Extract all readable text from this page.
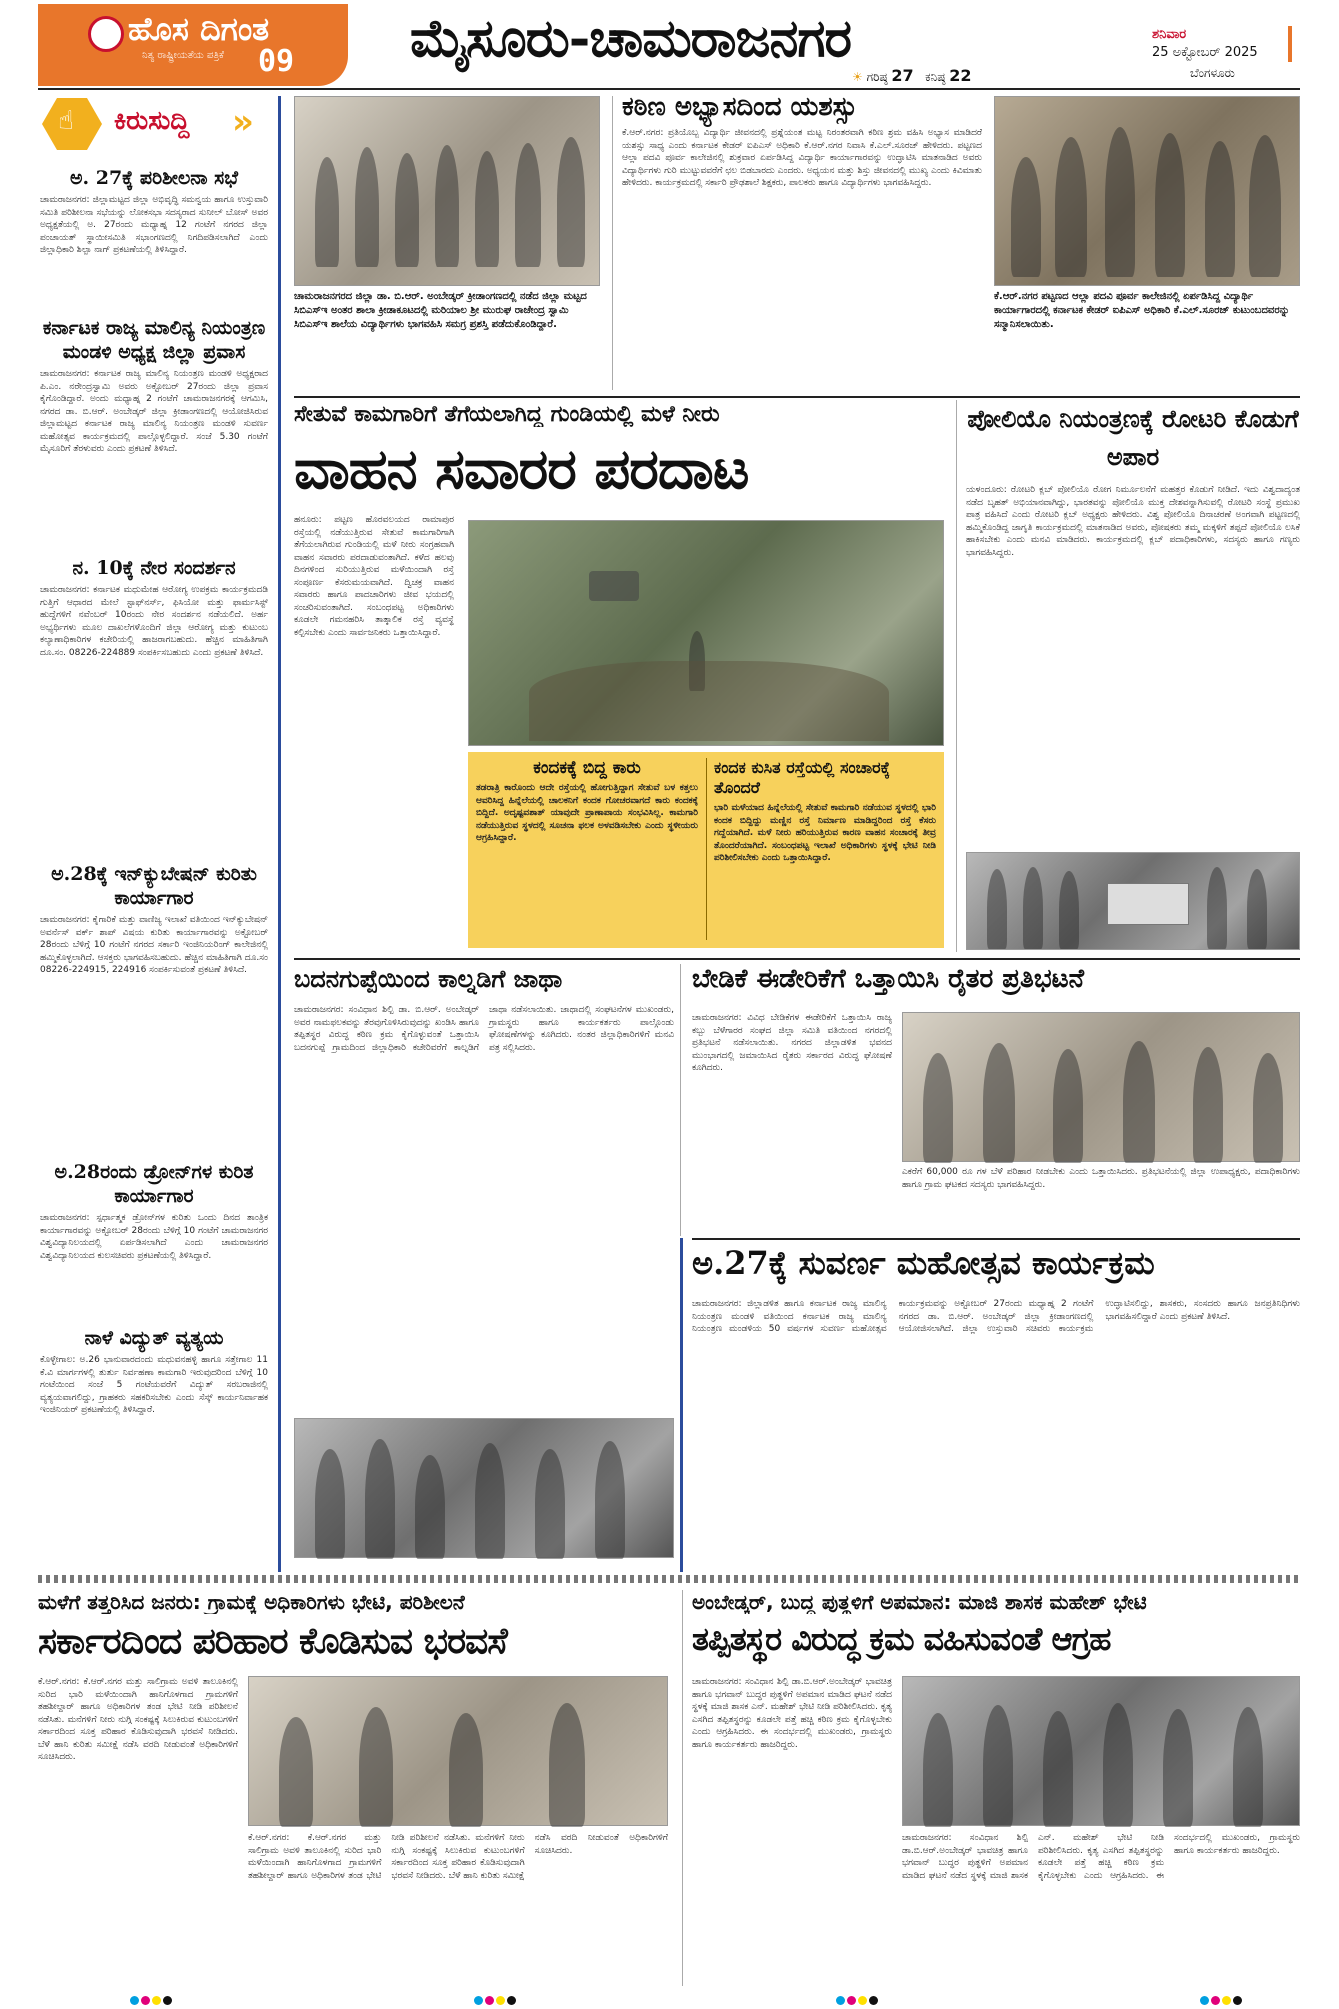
ಹೊಸ ದಿಗಂತ
ನಿತ್ಯ ರಾಷ್ಟ್ರೀಯತೆಯ ಪತ್ರಿಕೆ 09 ಮೈಸೂರು-ಚಾಮರಾಜನಗರ	ಶನಿವಾರ
25 ಅಕ್ಟೋಬರ್ 2025
☀ ಗರಿಷ್ಠ 27 ಕನಿಷ್ಠ 22	ಬೆಂಗಳೂರು
☝ ಕಿರುಸುದ್ದಿ »
ಅ. 27ಕ್ಕೆ ಪರಿಶೀಲನಾ ಸಭೆ
ಚಾಮರಾಜನಗರ: ಜಿಲ್ಲಾಮಟ್ಟದ ಜಿಲ್ಲಾ ಅಭಿವೃದ್ಧಿ ಸಮನ್ವಯ ಹಾಗೂ ಉಸ್ತುವಾರಿ ಸಮಿತಿ ಪರಿಶೀಲನಾ ಸಭೆಯನ್ನು ಲೋಕಸಭಾ ಸದಸ್ಯರಾದ ಸುನೀಲ್ ಬೋಸ್ ಅವರ ಅಧ್ಯಕ್ಷತೆಯಲ್ಲಿ ಅ. 27ರಂದು ಮಧ್ಯಾಹ್ನ 12 ಗಂಟೆಗೆ ನಗರದ ಜಿಲ್ಲಾ ಪಂಚಾಯತ್ ಸ್ಥಾಯೀಸಮಿತಿ ಸಭಾಂಗಣದಲ್ಲಿ ನಿಗದಿಪಡಿಸಲಾಗಿದೆ ಎಂದು ಜಿಲ್ಲಾಧಿಕಾರಿ ಶಿಲ್ಪಾ ನಾಗ್ ಪ್ರಕಟಣೆಯಲ್ಲಿ ತಿಳಿಸಿದ್ದಾರೆ.
ಕರ್ನಾಟಕ ರಾಜ್ಯ ಮಾಲಿನ್ಯ ನಿಯಂತ್ರಣ ಮಂಡಳಿ ಅಧ್ಯಕ್ಷ ಜಿಲ್ಲಾ ಪ್ರವಾಸ
ಚಾಮರಾಜನಗರ: ಕರ್ನಾಟಕ ರಾಜ್ಯ ಮಾಲಿನ್ಯ ನಿಯಂತ್ರಣ ಮಂಡಳಿ ಅಧ್ಯಕ್ಷರಾದ ಪಿ.ಎಂ. ನರೇಂದ್ರಸ್ವಾಮಿ ಅವರು ಅಕ್ಟೋಬರ್ 27ರಂದು ಜಿಲ್ಲಾ ಪ್ರವಾಸ ಕೈಗೊಂಡಿದ್ದಾರೆ. ಅಂದು ಮಧ್ಯಾಹ್ನ 2 ಗಂಟೆಗೆ ಚಾಮರಾಜನಗರಕ್ಕೆ ಆಗಮಿಸಿ, ನಗರದ ಡಾ. ಬಿ.ಆರ್. ಅಂಬೇಡ್ಕರ್ ಜಿಲ್ಲಾ ಕ್ರೀಡಾಂಗಣದಲ್ಲಿ ಆಯೋಜಿಸಿರುವ ಜಿಲ್ಲಾಮಟ್ಟದ ಕರ್ನಾಟಕ ರಾಜ್ಯ ಮಾಲಿನ್ಯ ನಿಯಂತ್ರಣ ಮಂಡಳಿ ಸುವರ್ಣ ಮಹೋತ್ಸವ ಕಾರ್ಯಕ್ರಮದಲ್ಲಿ ಪಾಲ್ಗೊಳ್ಳಲಿದ್ದಾರೆ. ಸಂಜೆ 5.30 ಗಂಟೆಗೆ ಮೈಸೂರಿಗೆ ತೆರಳುವರು ಎಂದು ಪ್ರಕಟಣೆ ತಿಳಿಸಿದೆ.
ನ. 10ಕ್ಕೆ ನೇರ ಸಂದರ್ಶನ
ಚಾಮರಾಜನಗರ: ಕರ್ನಾಟಕ ಮಧುಮೇಹ ಆರೋಗ್ಯ ಉಪಕ್ರಮ ಕಾರ್ಯಕ್ರಮದಡಿ ಗುತ್ತಿಗೆ ಆಧಾರದ ಮೇಲೆ ಸ್ಟಾಫ್‌ನರ್ಸ್, ಫಿಸಿಯೋ ಮತ್ತು ಫಾರ್ಮಸಿಸ್ಟ್ ಹುದ್ದೆಗಳಿಗೆ ನವೆಂಬರ್ 10ರಂದು ನೇರ ಸಂದರ್ಶನ ನಡೆಯಲಿದೆ. ಅರ್ಹ ಅಭ್ಯರ್ಥಿಗಳು ಮೂಲ ದಾಖಲೆಗಳೊಂದಿಗೆ ಜಿಲ್ಲಾ ಆರೋಗ್ಯ ಮತ್ತು ಕುಟುಂಬ ಕಲ್ಯಾಣಾಧಿಕಾರಿಗಳ ಕಚೇರಿಯಲ್ಲಿ ಹಾಜರಾಗಬಹುದು. ಹೆಚ್ಚಿನ ಮಾಹಿತಿಗಾಗಿ ದೂ.ಸಂ. 08226-224889 ಸಂಪರ್ಕಿಸಬಹುದು ಎಂದು ಪ್ರಕಟಣೆ ತಿಳಿಸಿದೆ.
ಅ.28ಕ್ಕೆ ಇನ್‌ಕ್ಯುಬೇಷನ್ ಕುರಿತು ಕಾರ್ಯಾಗಾರ
ಚಾಮರಾಜನಗರ: ಕೈಗಾರಿಕೆ ಮತ್ತು ವಾಣಿಜ್ಯ ಇಲಾಖೆ ವತಿಯಿಂದ ಇನ್‌ಕ್ಯುಬೇಷನ್ ಅವರ್ನೆಸ್ ವರ್ಕ್ ಶಾಪ್ ವಿಷಯ ಕುರಿತು ಕಾರ್ಯಾಗಾರವನ್ನು ಅಕ್ಟೋಬರ್ 28ರಂದು ಬೆಳಿಗ್ಗೆ 10 ಗಂಟೆಗೆ ನಗರದ ಸರ್ಕಾರಿ ಇಂಜಿನಿಯರಿಂಗ್ ಕಾಲೇಜಿನಲ್ಲಿ ಹಮ್ಮಿಕೊಳ್ಳಲಾಗಿದೆ. ಆಸಕ್ತರು ಭಾಗವಹಿಸಬಹುದು. ಹೆಚ್ಚಿನ ಮಾಹಿತಿಗಾಗಿ ದೂ.ಸಂ 08226-224915, 224916 ಸಂಪರ್ಕಿಸುವಂತೆ ಪ್ರಕಟಣೆ ತಿಳಿಸಿದೆ.
ಅ.28ರಂದು ಡ್ರೋನ್‌ಗಳ ಕುರಿತ ಕಾರ್ಯಾಗಾರ
ಚಾಮರಾಜನಗರ: ಸ್ಪರ್ಧಾತ್ಮಕ ಡ್ರೋನ್‌ಗಳ ಕುರಿತು ಒಂದು ದಿನದ ತಾಂತ್ರಿಕ ಕಾರ್ಯಾಗಾರವನ್ನು ಅಕ್ಟೋಬರ್ 28ರಂದು ಬೆಳಿಗ್ಗೆ 10 ಗಂಟೆಗೆ ಚಾಮರಾಜನಗರ ವಿಶ್ವವಿದ್ಯಾನಿಲಯದಲ್ಲಿ ಏರ್ಪಡಿಸಲಾಗಿದೆ ಎಂದು ಚಾಮರಾಜನಗರ ವಿಶ್ವವಿದ್ಯಾನಿಲಯದ ಕುಲಸಚಿವರು ಪ್ರಕಟಣೆಯಲ್ಲಿ ತಿಳಿಸಿದ್ದಾರೆ.
ನಾಳೆ ವಿದ್ಯುತ್ ವ್ಯತ್ಯಯ
ಕೊಳ್ಳೇಗಾಲ: ಅ.26 ಭಾನುವಾರದಂದು ಮಧುವನಹಳ್ಳಿ ಹಾಗೂ ಸತ್ತೇಗಾಲ 11 ಕೆ.ವಿ ಮಾರ್ಗಗಳಲ್ಲಿ ತುರ್ತು ನಿರ್ವಹಣಾ ಕಾಮಗಾರಿ ಇರುವುದರಿಂದ ಬೆಳಿಗ್ಗೆ 10 ಗಂಟೆಯಿಂದ ಸಂಜೆ 5 ಗಂಟೆಯವರೆಗೆ ವಿದ್ಯುತ್ ಸರಬರಾಜಿನಲ್ಲಿ ವ್ಯತ್ಯಯವಾಗಲಿದ್ದು, ಗ್ರಾಹಕರು ಸಹಕರಿಸಬೇಕು ಎಂದು ಸೆಸ್ಕ್ ಕಾರ್ಯನಿರ್ವಾಹಕ ಇಂಜಿನಿಯರ್ ಪ್ರಕಟಣೆಯಲ್ಲಿ ತಿಳಿಸಿದ್ದಾರೆ.
ಚಾಮರಾಜನಗರದ ಜಿಲ್ಲಾ ಡಾ. ಬಿ.ಆರ್. ಅಂಬೇಡ್ಕರ್ ಕ್ರೀಡಾಂಗಣದಲ್ಲಿ ನಡೆದ ಜಿಲ್ಲಾ ಮಟ್ಟದ ಸಿಬಿಎಸ್‌ಇ ಅಂತರ ಶಾಲಾ ಕ್ರೀಡಾಕೂಟದಲ್ಲಿ ಮರಿಯಾಲ ಶ್ರೀ ಮುರುಘ ರಾಜೇಂದ್ರ ಸ್ವಾಮಿ ಸಿಬಿಎಸ್‌ಇ ಶಾಲೆಯ ವಿದ್ಯಾರ್ಥಿಗಳು ಭಾಗವಹಿಸಿ ಸಮಗ್ರ ಪ್ರಶಸ್ತಿ ಪಡೆದುಕೊಂಡಿದ್ದಾರೆ.
ಕಠಿಣ ಅಭ್ಯಾಸದಿಂದ ಯಶಸ್ಸು
ಕೆ.ಆರ್.ನಗರ: ಪ್ರತಿಯೊಬ್ಬ ವಿದ್ಯಾರ್ಥಿ ಜೀವನದಲ್ಲಿ ಪ್ರಶ್ನೆಯಂತ ಮಟ್ಟ ನಿರಂತರವಾಗಿ ಕಠಿಣ ಶ್ರಮ ವಹಿಸಿ ಅಭ್ಯಾಸ ಮಾಡಿದರೆ ಯಶಸ್ಸು ಸಾಧ್ಯ ಎಂದು ಕರ್ನಾಟಕ ಕೇಡರ್ ಐಪಿಎಸ್ ಅಧಿಕಾರಿ ಕೆ.ಆರ್.ನಗರ ನಿವಾಸಿ ಕೆ.ಎಲ್.ಸೂರಜ್ ಹೇಳಿದರು. ಪಟ್ಟಣದ ಆಲ್ಲಾ ಪದವಿ ಪೂರ್ವ ಕಾಲೇಜಿನಲ್ಲಿ ಶುಕ್ರವಾರ ಏರ್ಪಡಿಸಿದ್ದ ವಿದ್ಯಾರ್ಥಿ ಕಾರ್ಯಾಗಾರವನ್ನು ಉದ್ಘಾಟಿಸಿ ಮಾತನಾಡಿದ ಅವರು ವಿದ್ಯಾರ್ಥಿಗಳು ಗುರಿ ಮುಟ್ಟುವವರೆಗೆ ಛಲ ಬಿಡಬಾರದು ಎಂದರು. ಅಧ್ಯಯನ ಮತ್ತು ಶಿಸ್ತು ಜೀವನದಲ್ಲಿ ಮುಖ್ಯ ಎಂದು ಕಿವಿಮಾತು ಹೇಳಿದರು. ಕಾರ್ಯಕ್ರಮದಲ್ಲಿ ಸರ್ಕಾರಿ ಪ್ರೌಢಶಾಲೆ ಶಿಕ್ಷಕರು, ಪಾಲಕರು ಹಾಗೂ ವಿದ್ಯಾರ್ಥಿಗಳು ಭಾಗವಹಿಸಿದ್ದರು.
ಕೆ.ಆರ್.ನಗರ ಪಟ್ಟಣದ ಆಲ್ಲಾ ಪದವಿ ಪೂರ್ವ ಕಾಲೇಜಿನಲ್ಲಿ ಏರ್ಪಡಿಸಿದ್ದ ವಿದ್ಯಾರ್ಥಿ ಕಾರ್ಯಾಗಾರದಲ್ಲಿ ಕರ್ನಾಟಕ ಕೇಡರ್ ಐಪಿಎಸ್ ಅಧಿಕಾರಿ ಕೆ.ಎಲ್.ಸೂರಜ್ ಕುಟುಂಬದವರನ್ನು ಸನ್ಮಾನಿಸಲಾಯಿತು.
ಸೇತುವೆ ಕಾಮಗಾರಿಗೆ ತೆಗೆಯಲಾಗಿದ್ದ ಗುಂಡಿಯಲ್ಲಿ ಮಳೆ ನೀರು
ವಾಹನ ಸವಾರರ ಪರದಾಟ
ಹನೂರು: ಪಟ್ಟಣ ಹೊರವಲಯದ ರಾಮಾಪುರ ರಸ್ತೆಯಲ್ಲಿ ನಡೆಯುತ್ತಿರುವ ಸೇತುವೆ ಕಾಮಗಾರಿಗಾಗಿ ತೆಗೆಯಲಾಗಿರುವ ಗುಂಡಿಯಲ್ಲಿ ಮಳೆ ನೀರು ಸಂಗ್ರಹವಾಗಿ ವಾಹನ ಸವಾರರು ಪರದಾಡುವಂತಾಗಿದೆ. ಕಳೆದ ಹಲವು ದಿನಗಳಿಂದ ಸುರಿಯುತ್ತಿರುವ ಮಳೆಯಿಂದಾಗಿ ರಸ್ತೆ ಸಂಪೂರ್ಣ ಕೆಸರುಮಯವಾಗಿದೆ. ದ್ವಿಚಕ್ರ ವಾಹನ ಸವಾರರು ಹಾಗೂ ಪಾದಚಾರಿಗಳು ಜೀವ ಭಯದಲ್ಲಿ ಸಂಚರಿಸುವಂತಾಗಿದೆ. ಸಂಬಂಧಪಟ್ಟ ಅಧಿಕಾರಿಗಳು ಕೂಡಲೇ ಗಮನಹರಿಸಿ ತಾತ್ಕಾಲಿಕ ರಸ್ತೆ ವ್ಯವಸ್ಥೆ ಕಲ್ಪಿಸಬೇಕು ಎಂದು ಸಾರ್ವಜನಿಕರು ಒತ್ತಾಯಿಸಿದ್ದಾರೆ.
ಕಂದಕಕ್ಕೆ ಬಿದ್ದ ಕಾರು
ತಡರಾತ್ರಿ ಕಾರೊಂದು ಆದೇ ರಸ್ತೆಯಲ್ಲಿ ಹೋಗುತ್ತಿದ್ದಾಗ ಸೇತುವೆ ಬಳ ಕತ್ತಲು ಆವರಿಸಿದ್ದ ಹಿನ್ನೆಲೆಯಲ್ಲಿ ಚಾಲಕನಿಗೆ ಕಂದಕ ಗೋಚರವಾಗದೆ ಕಾರು ಕಂದಕಕ್ಕೆ ಬಿದ್ದಿದೆ. ಅದೃಷ್ಟವಶಾತ್ ಯಾವುದೇ ಪ್ರಾಣಾಪಾಯ ಸಂಭವಿಸಿಲ್ಲ. ಕಾಮಗಾರಿ ನಡೆಯುತ್ತಿರುವ ಸ್ಥಳದಲ್ಲಿ ಸೂಚನಾ ಫಲಕ ಅಳವಡಿಸಬೇಕು ಎಂದು ಸ್ಥಳೀಯರು ಆಗ್ರಹಿಸಿದ್ದಾರೆ.
ಕಂದಕ ಕುಸಿತ ರಸ್ತೆಯಲ್ಲಿ ಸಂಚಾರಕ್ಕೆ ತೊಂದರೆ
ಭಾರಿ ಮಳೆಯಾದ ಹಿನ್ನೆಲೆಯಲ್ಲಿ ಸೇತುವೆ ಕಾಮಗಾರಿ ನಡೆಯುವ ಸ್ಥಳದಲ್ಲಿ ಭಾರಿ ಕಂದಕ ಬಿದ್ದಿದ್ದು ಮಣ್ಣಿನ ರಸ್ತೆ ನಿರ್ಮಾಣ ಮಾಡಿದ್ದರಿಂದ ರಸ್ತೆ ಕೆಸರು ಗದ್ದೆಯಾಗಿದೆ. ಮಳೆ ನೀರು ಹರಿಯುತ್ತಿರುವ ಕಾರಣ ವಾಹನ ಸಂಚಾರಕ್ಕೆ ತೀವ್ರ ತೊಂದರೆಯಾಗಿದೆ. ಸಂಬಂಧಪಟ್ಟ ಇಲಾಖೆ ಅಧಿಕಾರಿಗಳು ಸ್ಥಳಕ್ಕೆ ಭೇಟಿ ನೀಡಿ ಪರಿಶೀಲಿಸಬೇಕು ಎಂದು ಒತ್ತಾಯಿಸಿದ್ದಾರೆ.
ಪೋಲಿಯೊ ನಿಯಂತ್ರಣಕ್ಕೆ ರೋಟರಿ ಕೊಡುಗೆ ಅಪಾರ
ಯಳಂದೂರು: ರೋಟರಿ ಕ್ಲಬ್ ಪೋಲಿಯೊ ರೋಗ ನಿರ್ಮೂಲನೆಗೆ ಮಹತ್ತರ ಕೊಡುಗೆ ನೀಡಿದೆ. ಇದು ವಿಶ್ವದಾದ್ಯಂತ ನಡೆದ ಬೃಹತ್ ಅಭಿಯಾನವಾಗಿದ್ದು, ಭಾರತವನ್ನು ಪೋಲಿಯೊ ಮುಕ್ತ ದೇಶವನ್ನಾಗಿಸುವಲ್ಲಿ ರೋಟರಿ ಸಂಸ್ಥೆ ಪ್ರಮುಖ ಪಾತ್ರ ವಹಿಸಿದೆ ಎಂದು ರೋಟರಿ ಕ್ಲಬ್ ಅಧ್ಯಕ್ಷರು ಹೇಳಿದರು. ವಿಶ್ವ ಪೋಲಿಯೊ ದಿನಾಚರಣೆ ಅಂಗವಾಗಿ ಪಟ್ಟಣದಲ್ಲಿ ಹಮ್ಮಿಕೊಂಡಿದ್ದ ಜಾಗೃತಿ ಕಾರ್ಯಕ್ರಮದಲ್ಲಿ ಮಾತನಾಡಿದ ಅವರು, ಪೋಷಕರು ತಮ್ಮ ಮಕ್ಕಳಿಗೆ ತಪ್ಪದೆ ಪೋಲಿಯೊ ಲಸಿಕೆ ಹಾಕಿಸಬೇಕು ಎಂದು ಮನವಿ ಮಾಡಿದರು. ಕಾರ್ಯಕ್ರಮದಲ್ಲಿ ಕ್ಲಬ್ ಪದಾಧಿಕಾರಿಗಳು, ಸದಸ್ಯರು ಹಾಗೂ ಗಣ್ಯರು ಭಾಗವಹಿಸಿದ್ದರು.
ಬದನಗುಪ್ಪೆಯಿಂದ ಕಾಲ್ನಡಿಗೆ ಜಾಥಾ
ಚಾಮರಾಜನಗರ: ಸಂವಿಧಾನ ಶಿಲ್ಪಿ ಡಾ. ಬಿ.ಆರ್. ಅಂಬೇಡ್ಕರ್ ಅವರ ನಾಮಫಲಕವನ್ನು ತೆರವುಗೊಳಿಸಿರುವುದನ್ನು ಖಂಡಿಸಿ ಹಾಗೂ ತಪ್ಪಿತಸ್ಥರ ವಿರುದ್ಧ ಕಠಿಣ ಕ್ರಮ ಕೈಗೊಳ್ಳುವಂತೆ ಒತ್ತಾಯಿಸಿ ಬದನಗುಪ್ಪೆ ಗ್ರಾಮದಿಂದ ಜಿಲ್ಲಾಧಿಕಾರಿ ಕಚೇರಿವರೆಗೆ ಕಾಲ್ನಡಿಗೆ ಜಾಥಾ ನಡೆಸಲಾಯಿತು. ಜಾಥಾದಲ್ಲಿ ಸಂಘಟನೆಗಳ ಮುಖಂಡರು, ಗ್ರಾಮಸ್ಥರು ಹಾಗೂ ಕಾರ್ಯಕರ್ತರು ಪಾಲ್ಗೊಂಡು ಘೋಷಣೆಗಳನ್ನು ಕೂಗಿದರು. ನಂತರ ಜಿಲ್ಲಾಧಿಕಾರಿಗಳಿಗೆ ಮನವಿ ಪತ್ರ ಸಲ್ಲಿಸಿದರು.
ಬೇಡಿಕೆ ಈಡೇರಿಕೆಗೆ ಒತ್ತಾಯಿಸಿ ರೈತರ ಪ್ರತಿಭಟನೆ
ಚಾಮರಾಜನಗರ: ವಿವಿಧ ಬೇಡಿಕೆಗಳ ಈಡೇರಿಕೆಗೆ ಒತ್ತಾಯಿಸಿ ರಾಜ್ಯ ಕಬ್ಬು ಬೆಳೆಗಾರರ ಸಂಘದ ಜಿಲ್ಲಾ ಸಮಿತಿ ವತಿಯಿಂದ ನಗರದಲ್ಲಿ ಪ್ರತಿಭಟನೆ ನಡೆಸಲಾಯಿತು. ನಗರದ ಜಿಲ್ಲಾಡಳಿತ ಭವನದ ಮುಂಭಾಗದಲ್ಲಿ ಜಮಾಯಿಸಿದ ರೈತರು ಸರ್ಕಾರದ ವಿರುದ್ಧ ಘೋಷಣೆ ಕೂಗಿದರು.
ಎಕರೆಗೆ 60,000 ರೂ ಗಳ ಬೆಳೆ ಪರಿಹಾರ ನೀಡಬೇಕು ಎಂದು ಒತ್ತಾಯಿಸಿದರು. ಪ್ರತಿಭಟನೆಯಲ್ಲಿ ಜಿಲ್ಲಾ ಉಪಾಧ್ಯಕ್ಷರು, ಪದಾಧಿಕಾರಿಗಳು ಹಾಗೂ ಗ್ರಾಮ ಘಟಕದ ಸದಸ್ಯರು ಭಾಗವಹಿಸಿದ್ದರು.
ಅ.27ಕ್ಕೆ ಸುವರ್ಣ ಮಹೋತ್ಸವ ಕಾರ್ಯಕ್ರಮ
ಚಾಮರಾಜನಗರ: ಜಿಲ್ಲಾಡಳಿತ ಹಾಗೂ ಕರ್ನಾಟಕ ರಾಜ್ಯ ಮಾಲಿನ್ಯ ನಿಯಂತ್ರಣ ಮಂಡಳಿ ವತಿಯಿಂದ ಕರ್ನಾಟಕ ರಾಜ್ಯ ಮಾಲಿನ್ಯ ನಿಯಂತ್ರಣ ಮಂಡಳಿಯ 50 ವರ್ಷಗಳ ಸುವರ್ಣ ಮಹೋತ್ಸವ ಕಾರ್ಯಕ್ರಮವನ್ನು ಅಕ್ಟೋಬರ್ 27ರಂದು ಮಧ್ಯಾಹ್ನ 2 ಗಂಟೆಗೆ ನಗರದ ಡಾ. ಬಿ.ಆರ್. ಅಂಬೇಡ್ಕರ್ ಜಿಲ್ಲಾ ಕ್ರೀಡಾಂಗಣದಲ್ಲಿ ಆಯೋಜಿಸಲಾಗಿದೆ. ಜಿಲ್ಲಾ ಉಸ್ತುವಾರಿ ಸಚಿವರು ಕಾರ್ಯಕ್ರಮ ಉದ್ಘಾಟಿಸಲಿದ್ದು, ಶಾಸಕರು, ಸಂಸದರು ಹಾಗೂ ಜನಪ್ರತಿನಿಧಿಗಳು ಭಾಗವಹಿಸಲಿದ್ದಾರೆ ಎಂದು ಪ್ರಕಟಣೆ ತಿಳಿಸಿದೆ.
ಮಳೆಗೆ ತತ್ತರಿಸಿದ ಜನರು: ಗ್ರಾಮಕ್ಕೆ ಅಧಿಕಾರಿಗಳು ಭೇಟಿ, ಪರಿಶೀಲನೆ
ಸರ್ಕಾರದಿಂದ ಪರಿಹಾರ ಕೊಡಿಸುವ ಭರವಸೆ
ಕೆ.ಆರ್.ನಗರ: ಕೆ.ಆರ್.ನಗರ ಮತ್ತು ಸಾಲಿಗ್ರಾಮ ಅವಳಿ ತಾಲೂಕಿನಲ್ಲಿ ಸುರಿದ ಭಾರಿ ಮಳೆಯಿಂದಾಗಿ ಹಾನಿಗೊಳಗಾದ ಗ್ರಾಮಗಳಿಗೆ ತಹಶೀಲ್ದಾರ್ ಹಾಗೂ ಅಧಿಕಾರಿಗಳ ತಂಡ ಭೇಟಿ ನೀಡಿ ಪರಿಶೀಲನೆ ನಡೆಸಿತು. ಮನೆಗಳಿಗೆ ನೀರು ನುಗ್ಗಿ ಸಂಕಷ್ಟಕ್ಕೆ ಸಿಲುಕಿರುವ ಕುಟುಂಬಗಳಿಗೆ ಸರ್ಕಾರದಿಂದ ಸೂಕ್ತ ಪರಿಹಾರ ಕೊಡಿಸುವುದಾಗಿ ಭರವಸೆ ನೀಡಿದರು. ಬೆಳೆ ಹಾನಿ ಕುರಿತು ಸಮೀಕ್ಷೆ ನಡೆಸಿ ವರದಿ ನೀಡುವಂತೆ ಅಧಿಕಾರಿಗಳಿಗೆ ಸೂಚಿಸಿದರು.
ಕೆ.ಆರ್.ನಗರ: ಕೆ.ಆರ್.ನಗರ ಮತ್ತು ಸಾಲಿಗ್ರಾಮ ಅವಳಿ ತಾಲೂಕಿನಲ್ಲಿ ಸುರಿದ ಭಾರಿ ಮಳೆಯಿಂದಾಗಿ ಹಾನಿಗೊಳಗಾದ ಗ್ರಾಮಗಳಿಗೆ ತಹಶೀಲ್ದಾರ್ ಹಾಗೂ ಅಧಿಕಾರಿಗಳ ತಂಡ ಭೇಟಿ ನೀಡಿ ಪರಿಶೀಲನೆ ನಡೆಸಿತು. ಮನೆಗಳಿಗೆ ನೀರು ನುಗ್ಗಿ ಸಂಕಷ್ಟಕ್ಕೆ ಸಿಲುಕಿರುವ ಕುಟುಂಬಗಳಿಗೆ ಸರ್ಕಾರದಿಂದ ಸೂಕ್ತ ಪರಿಹಾರ ಕೊಡಿಸುವುದಾಗಿ ಭರವಸೆ ನೀಡಿದರು. ಬೆಳೆ ಹಾನಿ ಕುರಿತು ಸಮೀಕ್ಷೆ ನಡೆಸಿ ವರದಿ ನೀಡುವಂತೆ ಅಧಿಕಾರಿಗಳಿಗೆ ಸೂಚಿಸಿದರು.
ಅಂಬೇಡ್ಕರ್, ಬುದ್ಧ ಪುತ್ಥಳಿಗೆ ಅಪಮಾನ: ಮಾಜಿ ಶಾಸಕ ಮಹೇಶ್ ಭೇಟಿ
ತಪ್ಪಿತಸ್ಥರ ವಿರುದ್ಧ ಕ್ರಮ ವಹಿಸುವಂತೆ ಆಗ್ರಹ
ಚಾಮರಾಜನಗರ: ಸಂವಿಧಾನ ಶಿಲ್ಪಿ ಡಾ.ಬಿ.ಆರ್.ಅಂಬೇಡ್ಕರ್ ಭಾವಚಿತ್ರ ಹಾಗೂ ಭಗವಾನ್ ಬುದ್ಧರ ಪುತ್ಥಳಿಗೆ ಅಪಮಾನ ಮಾಡಿದ ಘಟನೆ ನಡೆದ ಸ್ಥಳಕ್ಕೆ ಮಾಜಿ ಶಾಸಕ ಎನ್. ಮಹೇಶ್ ಭೇಟಿ ನೀಡಿ ಪರಿಶೀಲಿಸಿದರು. ಕೃತ್ಯ ಎಸಗಿದ ತಪ್ಪಿತಸ್ಥರನ್ನು ಕೂಡಲೇ ಪತ್ತೆ ಹಚ್ಚಿ ಕಠಿಣ ಕ್ರಮ ಕೈಗೊಳ್ಳಬೇಕು ಎಂದು ಆಗ್ರಹಿಸಿದರು. ಈ ಸಂದರ್ಭದಲ್ಲಿ ಮುಖಂಡರು, ಗ್ರಾಮಸ್ಥರು ಹಾಗೂ ಕಾರ್ಯಕರ್ತರು ಹಾಜರಿದ್ದರು.
ಚಾಮರಾಜನಗರ: ಸಂವಿಧಾನ ಶಿಲ್ಪಿ ಡಾ.ಬಿ.ಆರ್.ಅಂಬೇಡ್ಕರ್ ಭಾವಚಿತ್ರ ಹಾಗೂ ಭಗವಾನ್ ಬುದ್ಧರ ಪುತ್ಥಳಿಗೆ ಅಪಮಾನ ಮಾಡಿದ ಘಟನೆ ನಡೆದ ಸ್ಥಳಕ್ಕೆ ಮಾಜಿ ಶಾಸಕ ಎನ್. ಮಹೇಶ್ ಭೇಟಿ ನೀಡಿ ಪರಿಶೀಲಿಸಿದರು. ಕೃತ್ಯ ಎಸಗಿದ ತಪ್ಪಿತಸ್ಥರನ್ನು ಕೂಡಲೇ ಪತ್ತೆ ಹಚ್ಚಿ ಕಠಿಣ ಕ್ರಮ ಕೈಗೊಳ್ಳಬೇಕು ಎಂದು ಆಗ್ರಹಿಸಿದರು. ಈ ಸಂದರ್ಭದಲ್ಲಿ ಮುಖಂಡರು, ಗ್ರಾಮಸ್ಥರು ಹಾಗೂ ಕಾರ್ಯಕರ್ತರು ಹಾಜರಿದ್ದರು.
